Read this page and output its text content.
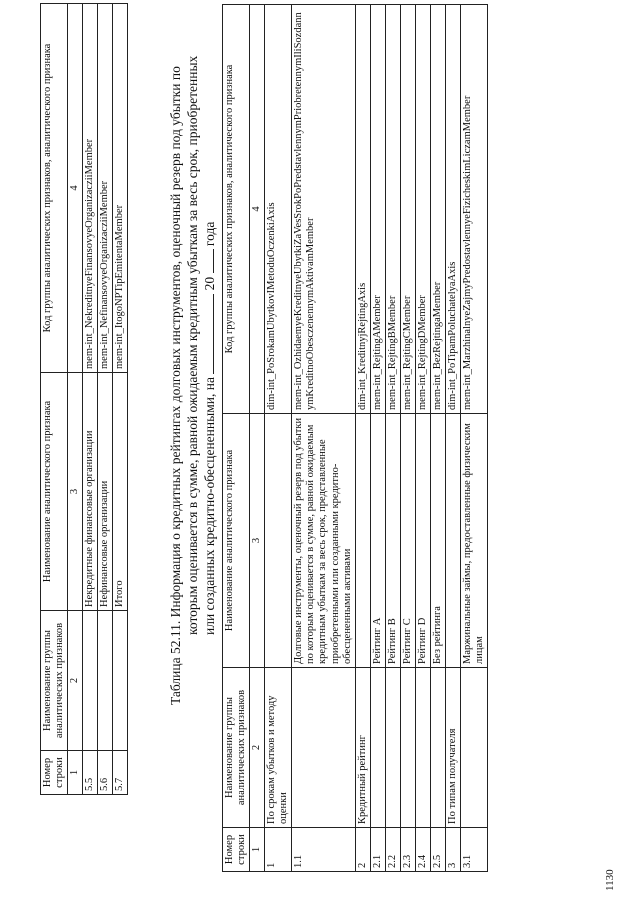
1130
Номер строки	Наименование группы аналитических признаков	Наименование аналитического признака	Код группы аналитических признаков, аналитического признака
1	2	3	4
5.5		Некредитные финансовые организации	mem-int_NekreditnyeFinansovyeOrganizacziiMember
5.6		Нефинансовые организации	mem-int_NefinansovyeOrganizacziiMember
5.7		Итого	mem-int_ItogoNPTipEmitentaMember	Таблица 52.11. Информация о кредитных рейтингах долговых инструментов, оценочный резерв под убытки по которым оценивается в сумме, равной ожидаемым кредитным убыткам за весь срок, приобретенных или созданных кредитно-обесцененными, на  20  года
Номер строки	Наименование группы аналитических признаков	Наименование аналитического признака	Код группы аналитических признаков, аналитического признака
1	2	3	4
1	По срокам убытков и методу оценки		dim-int_PoSrokamUbytkovIMetoduOczenkiAxis
1.1		Долговые инструменты, оценочный резерв под убытки по которым оценивается в сумме, равной ожидаемым кредитным убыткам за весь срок, представленные приобретенными или созданными кредитно-обесцененными активами	mem-int_OzhidaemyeKreditnyeUbytkiZaVesSrokPoPredstavlennymPriobretennymIliSozdannymKreditnoObesczenennymAktivamMember
2	Кредитный рейтинг		dim-int_KreditnyjRejtingAxis
2.1		Рейтинг A	mem-int_RejtingAMember
2.2		Рейтинг B	mem-int_RejtingBMember
2.3		Рейтинг C	mem-int_RejtingCMember
2.4		Рейтинг D	mem-int_RejtingDMember
2.5		Без рейтинга	mem-int_BezRejtingaMember
3	По типам получателя		dim-int_PoTipamPoluchatelyaAxis
3.1		Маржинальные займы, предоставленные физическим лицам	mem-int_MarzhinalnyeZajmyPredostavlennyeFizicheskimLiczamMember
